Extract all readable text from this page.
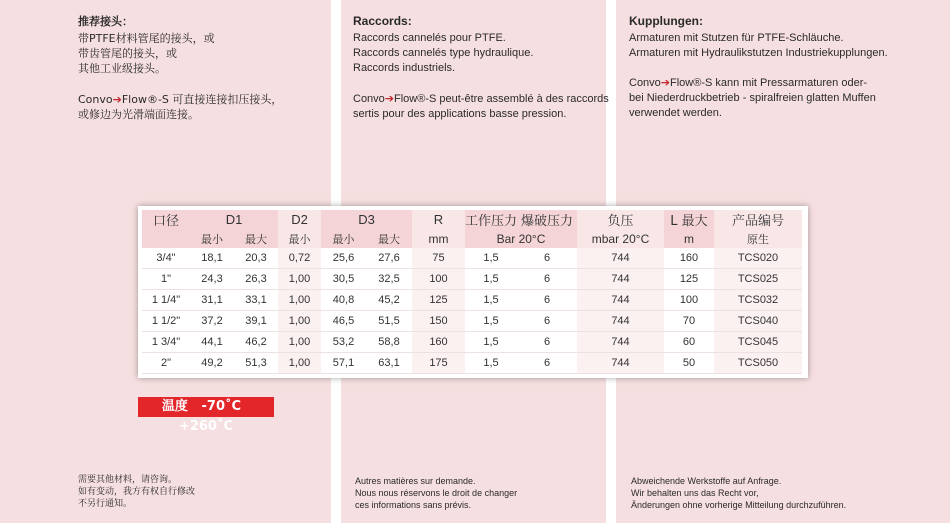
推荐接头：
带PTFE材料管尾的接头，或
带齿管尾的接头，或
其他工业级接头。
Convo➔Flow®-S 可直接连接扣压接头，
或修边为光滑端面连接。
Raccords:
Raccords cannelés pour PTFE.
Raccords cannelés type hydraulique.
Raccords industriels.
Convo➔Flow®-S peut-être assemblé à des raccords
sertis pour des applications basse pression.
Kupplungen:
Armaturen mit Stutzen für PTFE-Schläuche.
Armaturen mit Hydraulikstutzen Industriekupplungen.
Convo➔Flow®-S kann mit Pressarmaturen oder-
bei Niederdruckbetrieb - spiralfreien glatten Muffen
verwendet werden.
口径	D1		D2	D3		R	工作压力	爆破压力	负压	L 最大	产品编号
	最小	最大	最小	最小	最大	mm	Bar 20°C		mbar 20°C	m	原生
3/4"	18,1	20,3	0,72	25,6	27,6	75	1,5	6	744	160	TCS020
1"	24,3	26,3	1,00	30,5	32,5	100	1,5	6	744	125	TCS025
1 1/4"	31,1	33,1	1,00	40,8	45,2	125	1,5	6	744	100	TCS032
1 1/2"	37,2	39,1	1,00	46,5	51,5	150	1,5	6	744	70	TCS040
1 3/4"	44,1	46,2	1,00	53,2	58,8	160	1,5	6	744	60	TCS045
2"	49,2	51,3	1,00	57,1	63,1	175	1,5	6	744	50	TCS050
温度 -70˚C   +260˚C
需要其他材料，请咨询。
如有变动，我方有权自行修改
不另行通知。
Autres matières sur demande.
Nous nous réservons le droit de changer
ces informations sans prévis.
Abweichende Werkstoffe auf Anfrage.
Wir behalten uns das Recht vor,
Änderungen ohne vorherige Mitteilung durchzuführen.
